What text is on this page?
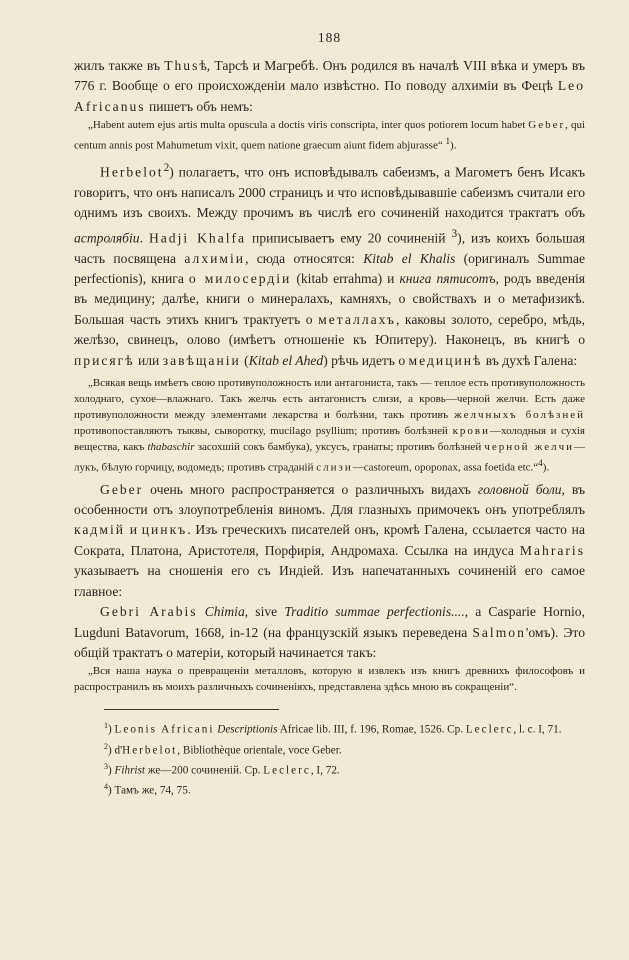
188

жилъ также въ Thusѣ, Тарсѣ и Магребѣ. Онъ родился въ началѣ VIII вѣка и умеръ въ 776 г. Вообще о его происхожденіи мало извѣстно. По поводу алхиміи въ Фецѣ Leo Africanus пишетъ объ немъ:

„Habent autem ejus artis multa opuscula a doctis viris conscripta, inter quos potiorem locum habet Geber, qui centum annis post Mahumetum vixit, quem natione graecum aiunt fidem abjurasse“ $^1$).

Herbelot$^2$) полагаетъ, что онъ исповѣдывалъ сабеизмъ, а Магометъ бенъ Исакъ говоритъ, что онъ написалъ 2000 страницъ и что исповѣдывавшіе сабеизмъ считали его однимъ изъ своихъ. Между прочимъ въ числѣ его сочиненій находится трактатъ объ астролябіи. Hadji Khalfa приписываетъ ему 20 сочиненій $^3$), изъ коихъ большая часть посвящена алхиміи, сюда относятся: Kitab el Khalis (оригиналъ Summae perfectionis), книга о милосердіи (kitab errahma) и книга пятисотъ, родъ введенія въ медицину; далѣе, книги о минералахъ, камняхъ, о свойствахъ и о метафизикѣ. Большая часть этихъ книгъ трактуетъ о металлахъ, каковы золото, серебро, мѣдь, желѣзо, свинецъ, олово (имѣетъ отношеніе къ Юпитеру). Наконецъ, въ книгѣ о присягѣ или завѣщаніи (Kitab el Ahed) рѣчь идетъ о медицинѣ въ духѣ Галена:

„Всякая вещь имѣетъ свою противуположность или антагониста, такъ — теплое есть противуположность холоднаго, сухое—влажнаго. Такъ желчь есть антагонистъ слизи, а кровь—черной желчи. Есть даже противуположности между элементами лекарства и болѣзни, такъ противъ желчныхъ болѣзней противопоставляютъ тыквы, сыворотку, mucilago psyllium; противъ болѣзней крови—холодныя и сухія вещества, какъ thabaschir засохшій сокъ бамбука), уксусъ, гранаты; противъ болѣзней черной желчи—лукъ, бѣлую горчицу, водомедъ; противъ страданій слизи—castoreum, opoponax, assa foetida etc.“$^4$).

Geber очень много распространяется о различныхъ видахъ головной боли, въ особенности отъ злоупотребленія виномъ. Для глазныхъ примочекъ онъ употреблялъ кадмій и цинкъ. Изъ греческихъ писателей онъ, кромѣ Галена, ссылается часто на Сократа, Платона, Аристотеля, Порфирія, Андромаха. Ссылка на индуса Mahraris указываетъ на сношенія его съ Индіей. Изъ напечатанныхъ сочиненій его самое главное:

Gebri Arabis Chimia, sive Traditio summae perfectionis...., a Casparie Hornio, Lugduni Batavorum, 1668, in-12 (на французскій языкъ переведена Salmon'омъ). Это общій трактатъ о матеріи, который начинается такъ:

„Вся наша наука о превращеніи металловъ, которую я извлекъ изъ книгъ древнихъ философовъ и распространилъ въ моихъ различныхъ сочиненіяхъ, представлена здѣсь мною въ сокращеніи“.

$^1$) Leonis Africani Descriptionis Africae lib. III, f. 196, Romae, 1526. Cp. Leclerc, l. c. I, 71.

$^2$) d'Herbelot, Bibliothèque orientale, voce Geber.

$^3$) Fihrist же—200 сочиненій. Cp. Leclerc, I, 72.

$^4$) Тамъ же, 74, 75.
